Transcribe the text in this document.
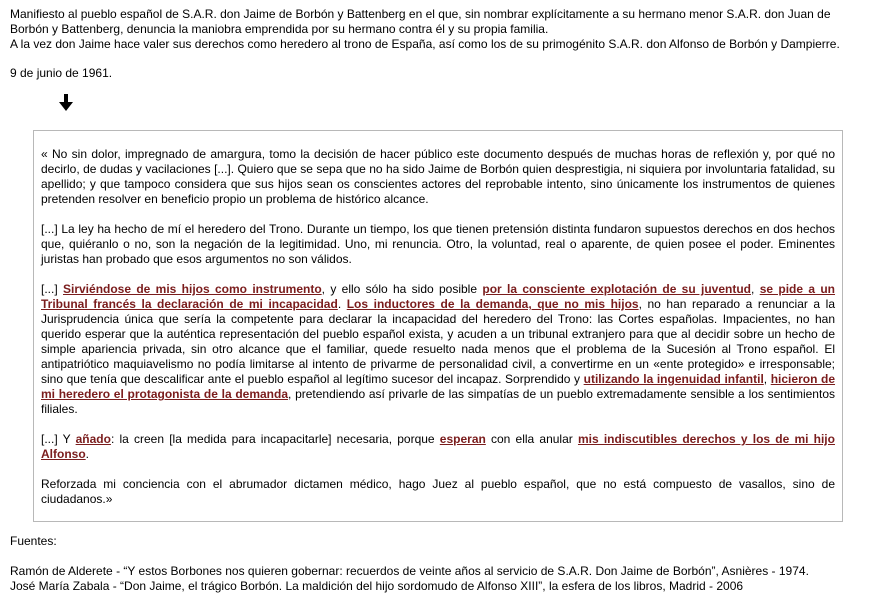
Manifiesto al pueblo español de S.A.R. don Jaime de Borbón y Battenberg en el que, sin nombrar explícitamente a su hermano menor S.A.R. don Juan de Borbón y Battenberg, denuncia la maniobra emprendida por su hermano contra él y su propia familia.

A la vez don Jaime hace valer sus derechos como heredero al trono de España, así como los de su primogénito S.A.R. don Alfonso de Borbón y Dampierre.

9 de junio de 1961.

« No sin dolor, impregnado de amargura, tomo la decisión de hacer público este documento después de muchas horas de reflexión y, por qué no decirlo, de dudas y vacilaciones [...]. Quiero que se sepa que no ha sido Jaime de Borbón quien desprestigia, ni siquiera por involuntaria fatalidad, su apellido; y que tampoco considera que sus hijos sean os conscientes actores del reprobable intento, sino únicamente los instrumentos de quienes pretenden resolver en beneficio propio un problema de histórico alcance.

[...] La ley ha hecho de mí el heredero del Trono. Durante un tiempo, los que tienen pretensión distinta fundaron supuestos derechos en dos hechos que, quiéranlo o no, son la negación de la legitimidad. Uno, mi renuncia. Otro, la voluntad, real o aparente, de quien posee el poder. Eminentes juristas han probado que esos argumentos no son válidos.

[...] Sirviéndose de mis hijos como instrumento, y ello sólo ha sido posible por la consciente explotación de su juventud, se pide a un Tribunal francés la declaración de mi incapacidad. Los inductores de la demanda, que no mis hijos, no han reparado a renunciar a la Jurisprudencia única que sería la competente para declarar la incapacidad del heredero del Trono: las Cortes españolas. Impacientes, no han querido esperar que la auténtica representación del pueblo español exista, y acuden a un tribunal extranjero para que al decidir sobre un hecho de simple apariencia privada, sin otro alcance que el familiar, quede resuelto nada menos que el problema de la Sucesión al Trono español. El antipatriótico maquiavelismo no podía limitarse al intento de privarme de personalidad civil, a convertirme en un «ente protegido» e irresponsable; sino que tenía que descalificar ante el pueblo español al legítimo sucesor del incapaz. Sorprendido y utilizando la ingenuidad infantil, hicieron de mi heredero el protagonista de la demanda, pretendiendo así privarle de las simpatías de un pueblo extremadamente sensible a los sentimientos filiales.

[...] Y añado: la creen [la medida para incapacitarle] necesaria, porque esperan con ella anular mis indiscutibles derechos y los de mi hijo Alfonso.

Reforzada mi conciencia con el abrumador dictamen médico, hago Juez al pueblo español, que no está compuesto de vasallos, sino de ciudadanos.»

Fuentes:

Ramón de Alderete - “Y estos Borbones nos quieren gobernar: recuerdos de veinte años al servicio de S.A.R. Don Jaime de Borbón”, Asnières - 1974.

José María Zabala - “Don Jaime, el trágico Borbón. La maldición del hijo sordomudo de Alfonso XIII”, la esfera de los libros, Madrid - 2006
